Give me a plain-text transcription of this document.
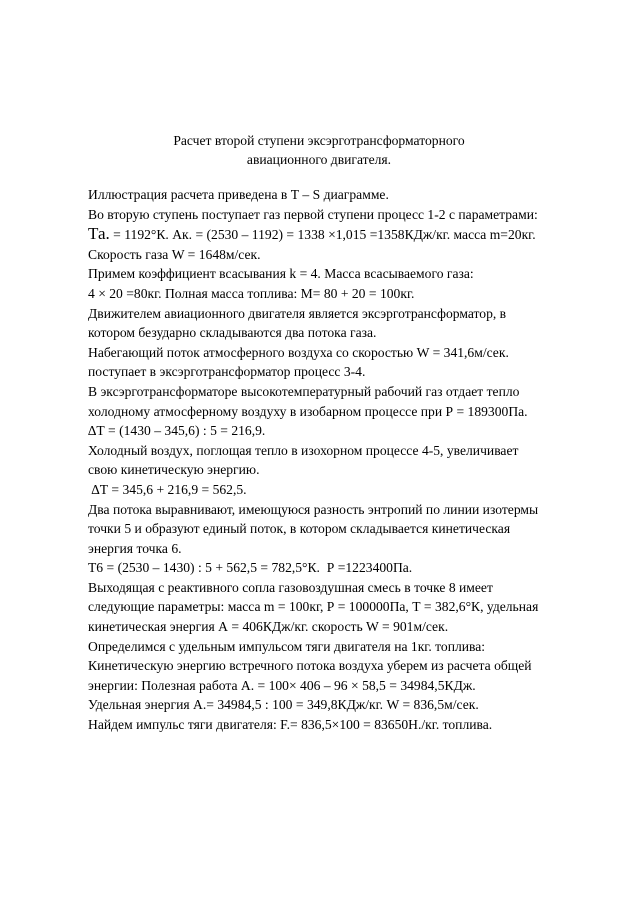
Расчет второй ступени эксэрготрансформаторного
авиационного двигателя.
Иллюстрация расчета приведена в Т – S диаграмме.
Во вторую ступень поступает газ первой ступени процесс 1-2 с параметрами:
Та. = 1192°К. Ак. = (2530 – 1192) = 1338 ×1,015 =1358КДж/кг. масса m=20кг.
Скорость газа W = 1648м/сек.
Примем коэффициент всасывания k = 4. Масса всасываемого газа:
4 × 20 =80кг. Полная масса топлива: М= 80 + 20 = 100кг.
Движителем авиационного двигателя является эксэрготрансформатор, в
котором безударно складываются два потока газа.
Набегающий поток атмосферного воздуха со скоростью W = 341,6м/сек.
поступает в эксэрготрансформатор процесс 3-4.
В эксэрготрансформаторе высокотемпературный рабочий газ отдает тепло
холодному атмосферному воздуху в изобарном процессе при Р = 189300Па.
∆Т = (1430 – 345,6) : 5 = 216,9.
Холодный воздух, поглощая тепло в изохорном процессе 4-5, увеличивает
свою кинетическую энергию.
∆Т = 345,6 + 216,9 = 562,5.
Два потока выравнивают, имеющуюся разность энтропий по линии изотермы
точки 5 и образуют единый поток, в котором складывается кинетическая
энергия точка 6.
Т6 = (2530 – 1430) : 5 + 562,5 = 782,5°К.  Р =1223400Па.
Выходящая с реактивного сопла газовоздушная смесь в точке 8 имеет
следующие параметры: масса m = 100кг, Р = 100000Па, Т = 382,6°К, удельная
кинетическая энергия А = 406КДж/кг. скорость W = 901м/сек.
Определимся с удельным импульсом тяги двигателя на 1кг. топлива:
Кинетическую энергию встречного потока воздуха уберем из расчета общей
энергии: Полезная работа А. = 100× 406 – 96 × 58,5 = 34984,5КДж.
Удельная энергия А.= 34984,5 : 100 = 349,8КДж/кг. W = 836,5м/сек.
Найдем импульс тяги двигателя: F.= 836,5×100 = 83650Н./кг. топлива.
